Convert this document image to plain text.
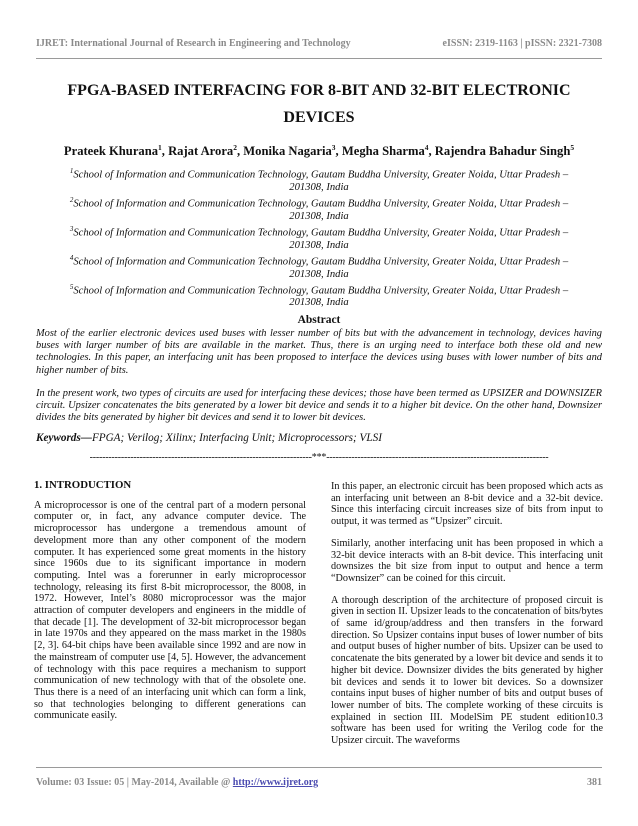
IJRET: International Journal of Research in Engineering and Technology	eISSN: 2319-1163 | pISSN: 2321-7308
FPGA-BASED INTERFACING FOR 8-BIT AND 32-BIT ELECTRONIC DEVICES
Prateek Khurana$^1$, Rajat Arora$^2$, Monika Nagaria$^3$, Megha Sharma$^4$, Rajendra Bahadur Singh$^5$
$^1$School of Information and Communication Technology, Gautam Buddha University, Greater Noida, Uttar Pradesh –
201308, India
$^2$School of Information and Communication Technology, Gautam Buddha University, Greater Noida, Uttar Pradesh –
201308, India
$^3$School of Information and Communication Technology, Gautam Buddha University, Greater Noida, Uttar Pradesh –
201308, India
$^4$School of Information and Communication Technology, Gautam Buddha University, Greater Noida, Uttar Pradesh –
201308, India
$^5$School of Information and Communication Technology, Gautam Buddha University, Greater Noida, Uttar Pradesh –
201308, India
Abstract

Most of the earlier electronic devices used buses with lesser number of bits but with the advancement in technology, devices having buses with larger number of bits are available in the market. Thus, there is an urging need to interface both these old and new technologies. In this paper, an interfacing unit has been proposed to interface the devices using buses with lower number of bits and higher number of bits.

In the present work, two types of circuits are used for interfacing these devices; those have been termed as UPSIZER and DOWNSIZER circuit. Upsizer concatenates the bits generated by a lower bit device and sends it to a higher bit device. On the other hand, Downsizer divides the bits generated by higher bit devices and send it to lower bit devices.

Keywords—FPGA; Verilog; Xilinx; Interfacing Unit; Microprocessors; VLSI
-----------------------------------------------------------------------***-----------------------------------------------------------------------
1. INTRODUCTION

A microprocessor is one of the central part of a modern personal computer or, in fact, any advance computer device. The microprocessor has undergone a tremendous amount of development more than any other component of the modern computer. It has experienced some great moments in the history since 1960s due to its significant importance in modern computing. Intel was a forerunner in early microprocessor technology, releasing its first 8-bit microprocessor, the 8008, in 1972. However, Intel’s 8080 microprocessor was the major attraction of computer developers and engineers in the middle of that decade [1]. The development of 32-bit microprocessor began in late 1970s and they appeared on the mass market in the 1980s [2, 3]. 64-bit chips have been available since 1992 and are now in the mainstream of computer use [4, 5]. However, the advancement of technology with this pace requires a mechanism to support communication of new technology with that of the obsolete one. Thus there is a need of an interfacing unit which can form a link, so that technologies belonging to different generations can communicate easily.

In this paper, an electronic circuit has been proposed which acts as an interfacing unit between an 8-bit device and a 32-bit device. Since this interfacing circuit increases size of bits from input to output, it was termed as “Upsizer” circuit.

Similarly, another interfacing unit has been proposed in which a 32-bit device interacts with an 8-bit device. This interfacing unit downsizes the bit size from input to output and hence a term “Downsizer” can be coined for this circuit.

A thorough description of the architecture of proposed circuit is given in section II. Upsizer leads to the concatenation of bits/bytes of same id/group/address and then transfers in the forward direction. So Upsizer contains input buses of lower number of bits and output buses of higher number of bits. Upsizer can be used to concatenate the bits generated by a lower bit device and sends it to higher bit device. Downsizer divides the bits generated by higher bit devices and sends it to lower bit devices. So a downsizer contains input buses of higher number of bits and output buses of lower number of bits. The complete working of these circuits is explained in section III. ModelSim PE student edition10.3 software has been used for writing the Verilog code for the Upsizer circuit. The waveforms

Volume: 03 Issue: 05 | May-2014, Available @ http://www.ijret.org	381
